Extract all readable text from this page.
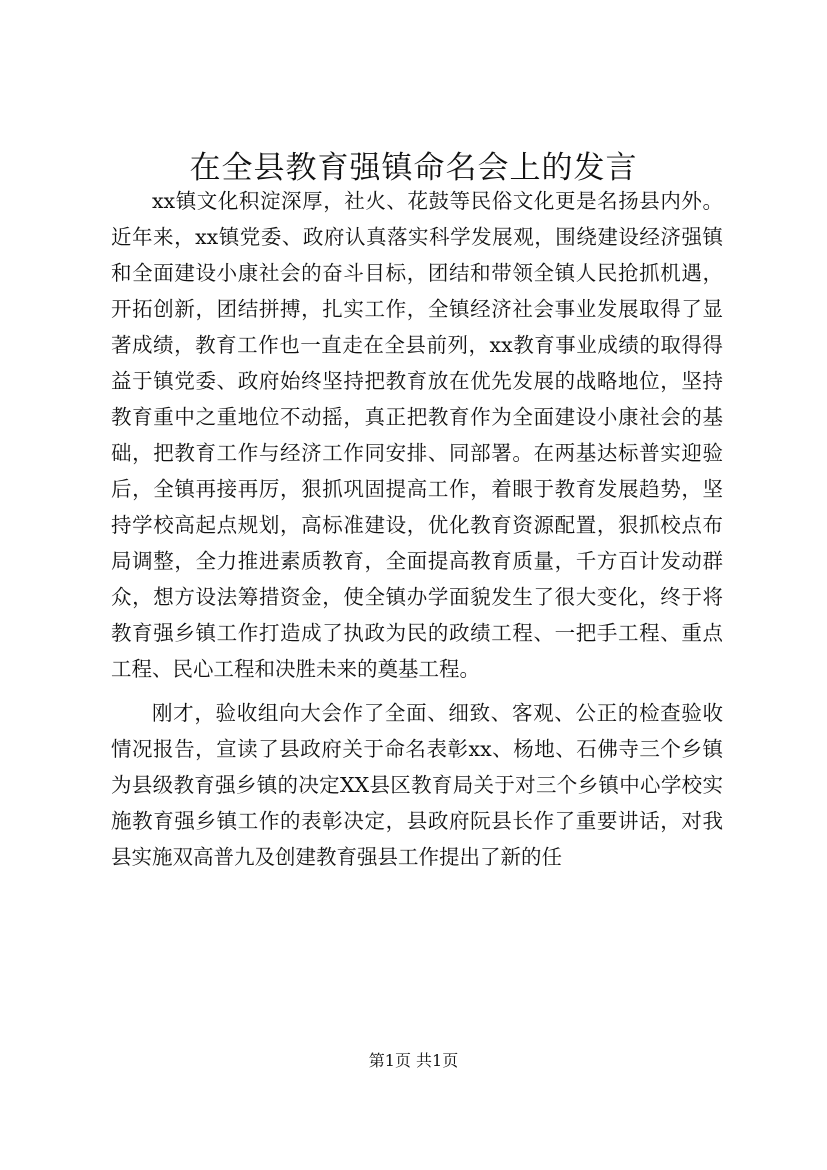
在全县教育强镇命名会上的发言

xx镇文化积淀深厚，社火、花鼓等民俗文化更是名扬县内外。近年来，xx镇党委、政府认真落实科学发展观，围绕建设经济强镇和全面建设小康社会的奋斗目标，团结和带领全镇人民抢抓机遇，开拓创新，团结拼搏，扎实工作，全镇经济社会事业发展取得了显著成绩，教育工作也一直走在全县前列，xx教育事业成绩的取得得益于镇党委、政府始终坚持把教育放在优先发展的战略地位，坚持教育重中之重地位不动摇，真正把教育作为全面建设小康社会的基础，把教育工作与经济工作同安排、同部署。在两基达标普实迎验后，全镇再接再厉，狠抓巩固提高工作，着眼于教育发展趋势，坚持学校高起点规划，高标准建设，优化教育资源配置，狠抓校点布局调整，全力推进素质教育，全面提高教育质量，千方百计发动群众，想方设法筹措资金，使全镇办学面貌发生了很大变化，终于将教育强乡镇工作打造成了执政为民的政绩工程、一把手工程、重点工程、民心工程和决胜未来的奠基工程。

刚才，验收组向大会作了全面、细致、客观、公正的检查验收情况报告，宣读了县政府关于命名表彰xx、杨地、石佛寺三个乡镇为县级教育强乡镇的决定XX县区教育局关于对三个乡镇中心学校实施教育强乡镇工作的表彰决定，县政府阮县长作了重要讲话，对我县实施双高普九及创建教育强县工作提出了新的任

第1页 共1页
